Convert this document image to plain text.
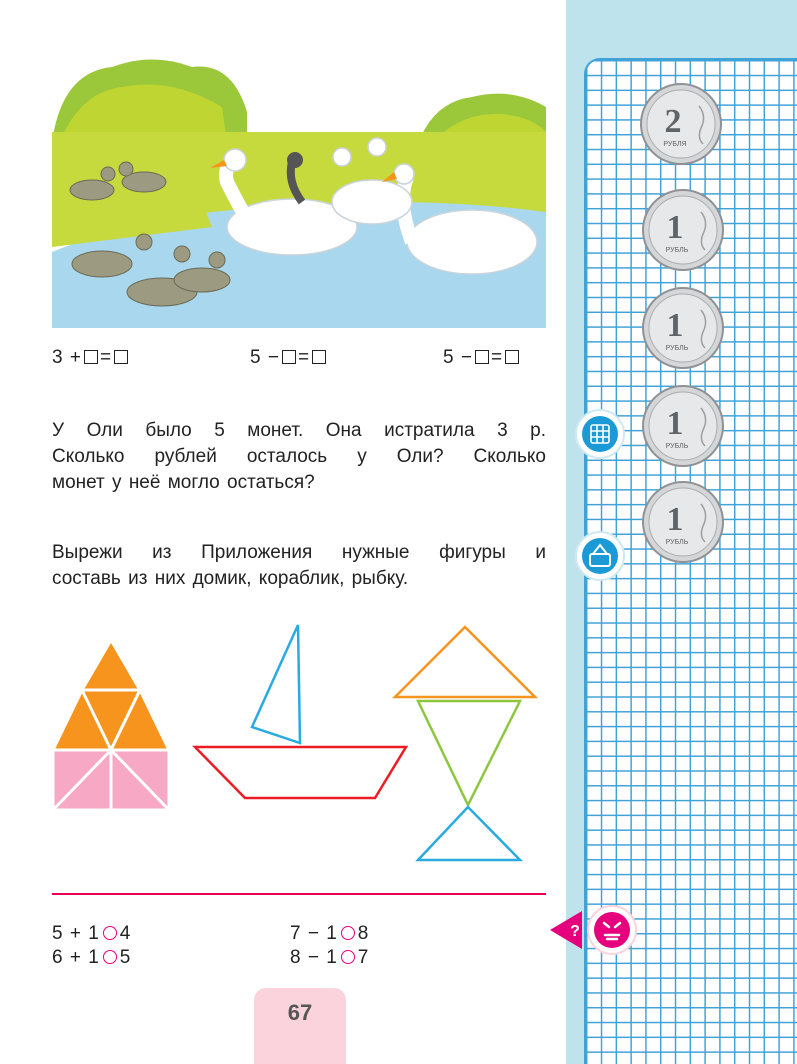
3 + =	5 − =	5 − =
У Оли было 5 монет. Она истратила 3 р.
Сколько рублей осталось у Оли? Сколько
монет у неё могло остаться?
Вырежи из Приложения нужные фигуры и
составь из них домик, кораблик, рыбку.
5 + 1 4
6 + 1 5
7 − 1 8
8 − 1 7
67
2
РУБЛЯ
1
РУБЛЬ
1
РУБЛЬ
1
РУБЛЬ
1
РУБЛЬ
?
